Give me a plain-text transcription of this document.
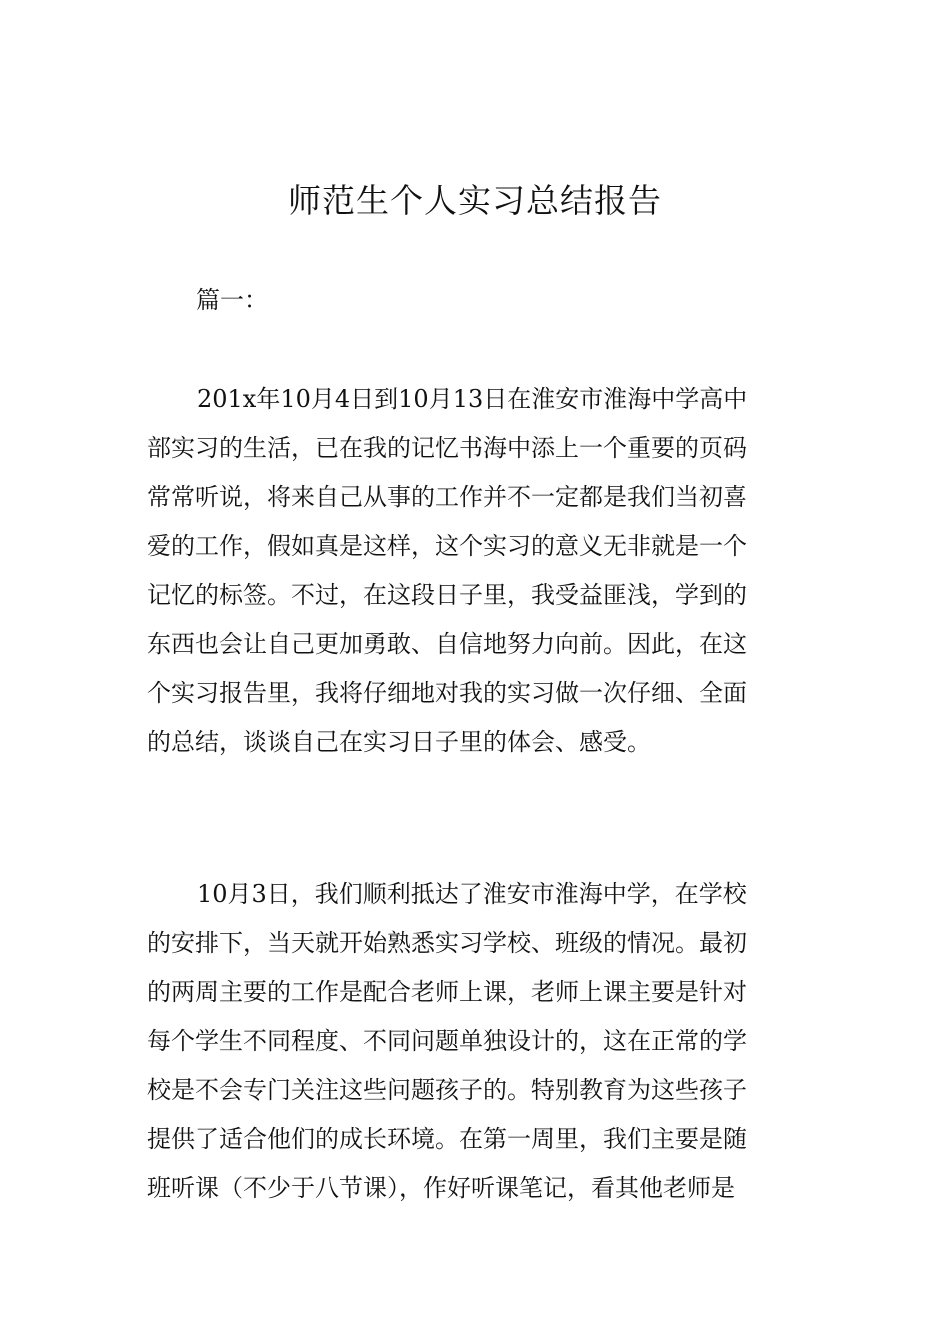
师范生个人实习总结报告

篇一：

201x年10月4日到10月13日在淮安市淮海中学高中
部实习的生活，已在我的记忆书海中添上一个重要的页码
常常听说，将来自己从事的工作并不一定都是我们当初喜
爱的工作，假如真是这样，这个实习的意义无非就是一个
记忆的标签。不过，在这段日子里，我受益匪浅，学到的
东西也会让自己更加勇敢、自信地努力向前。因此，在这
个实习报告里，我将仔细地对我的实习做一次仔细、全面
的总结，谈谈自己在实习日子里的体会、感受。
10月3日，我们顺利抵达了淮安市淮海中学，在学校
的安排下，当天就开始熟悉实习学校、班级的情况。最初
的两周主要的工作是配合老师上课，老师上课主要是针对
每个学生不同程度、不同问题单独设计的，这在正常的学
校是不会专门关注这些问题孩子的。特别教育为这些孩子
提供了适合他们的成长环境。在第一周里，我们主要是随
班听课（不少于八节课），作好听课笔记，看其他老师是
